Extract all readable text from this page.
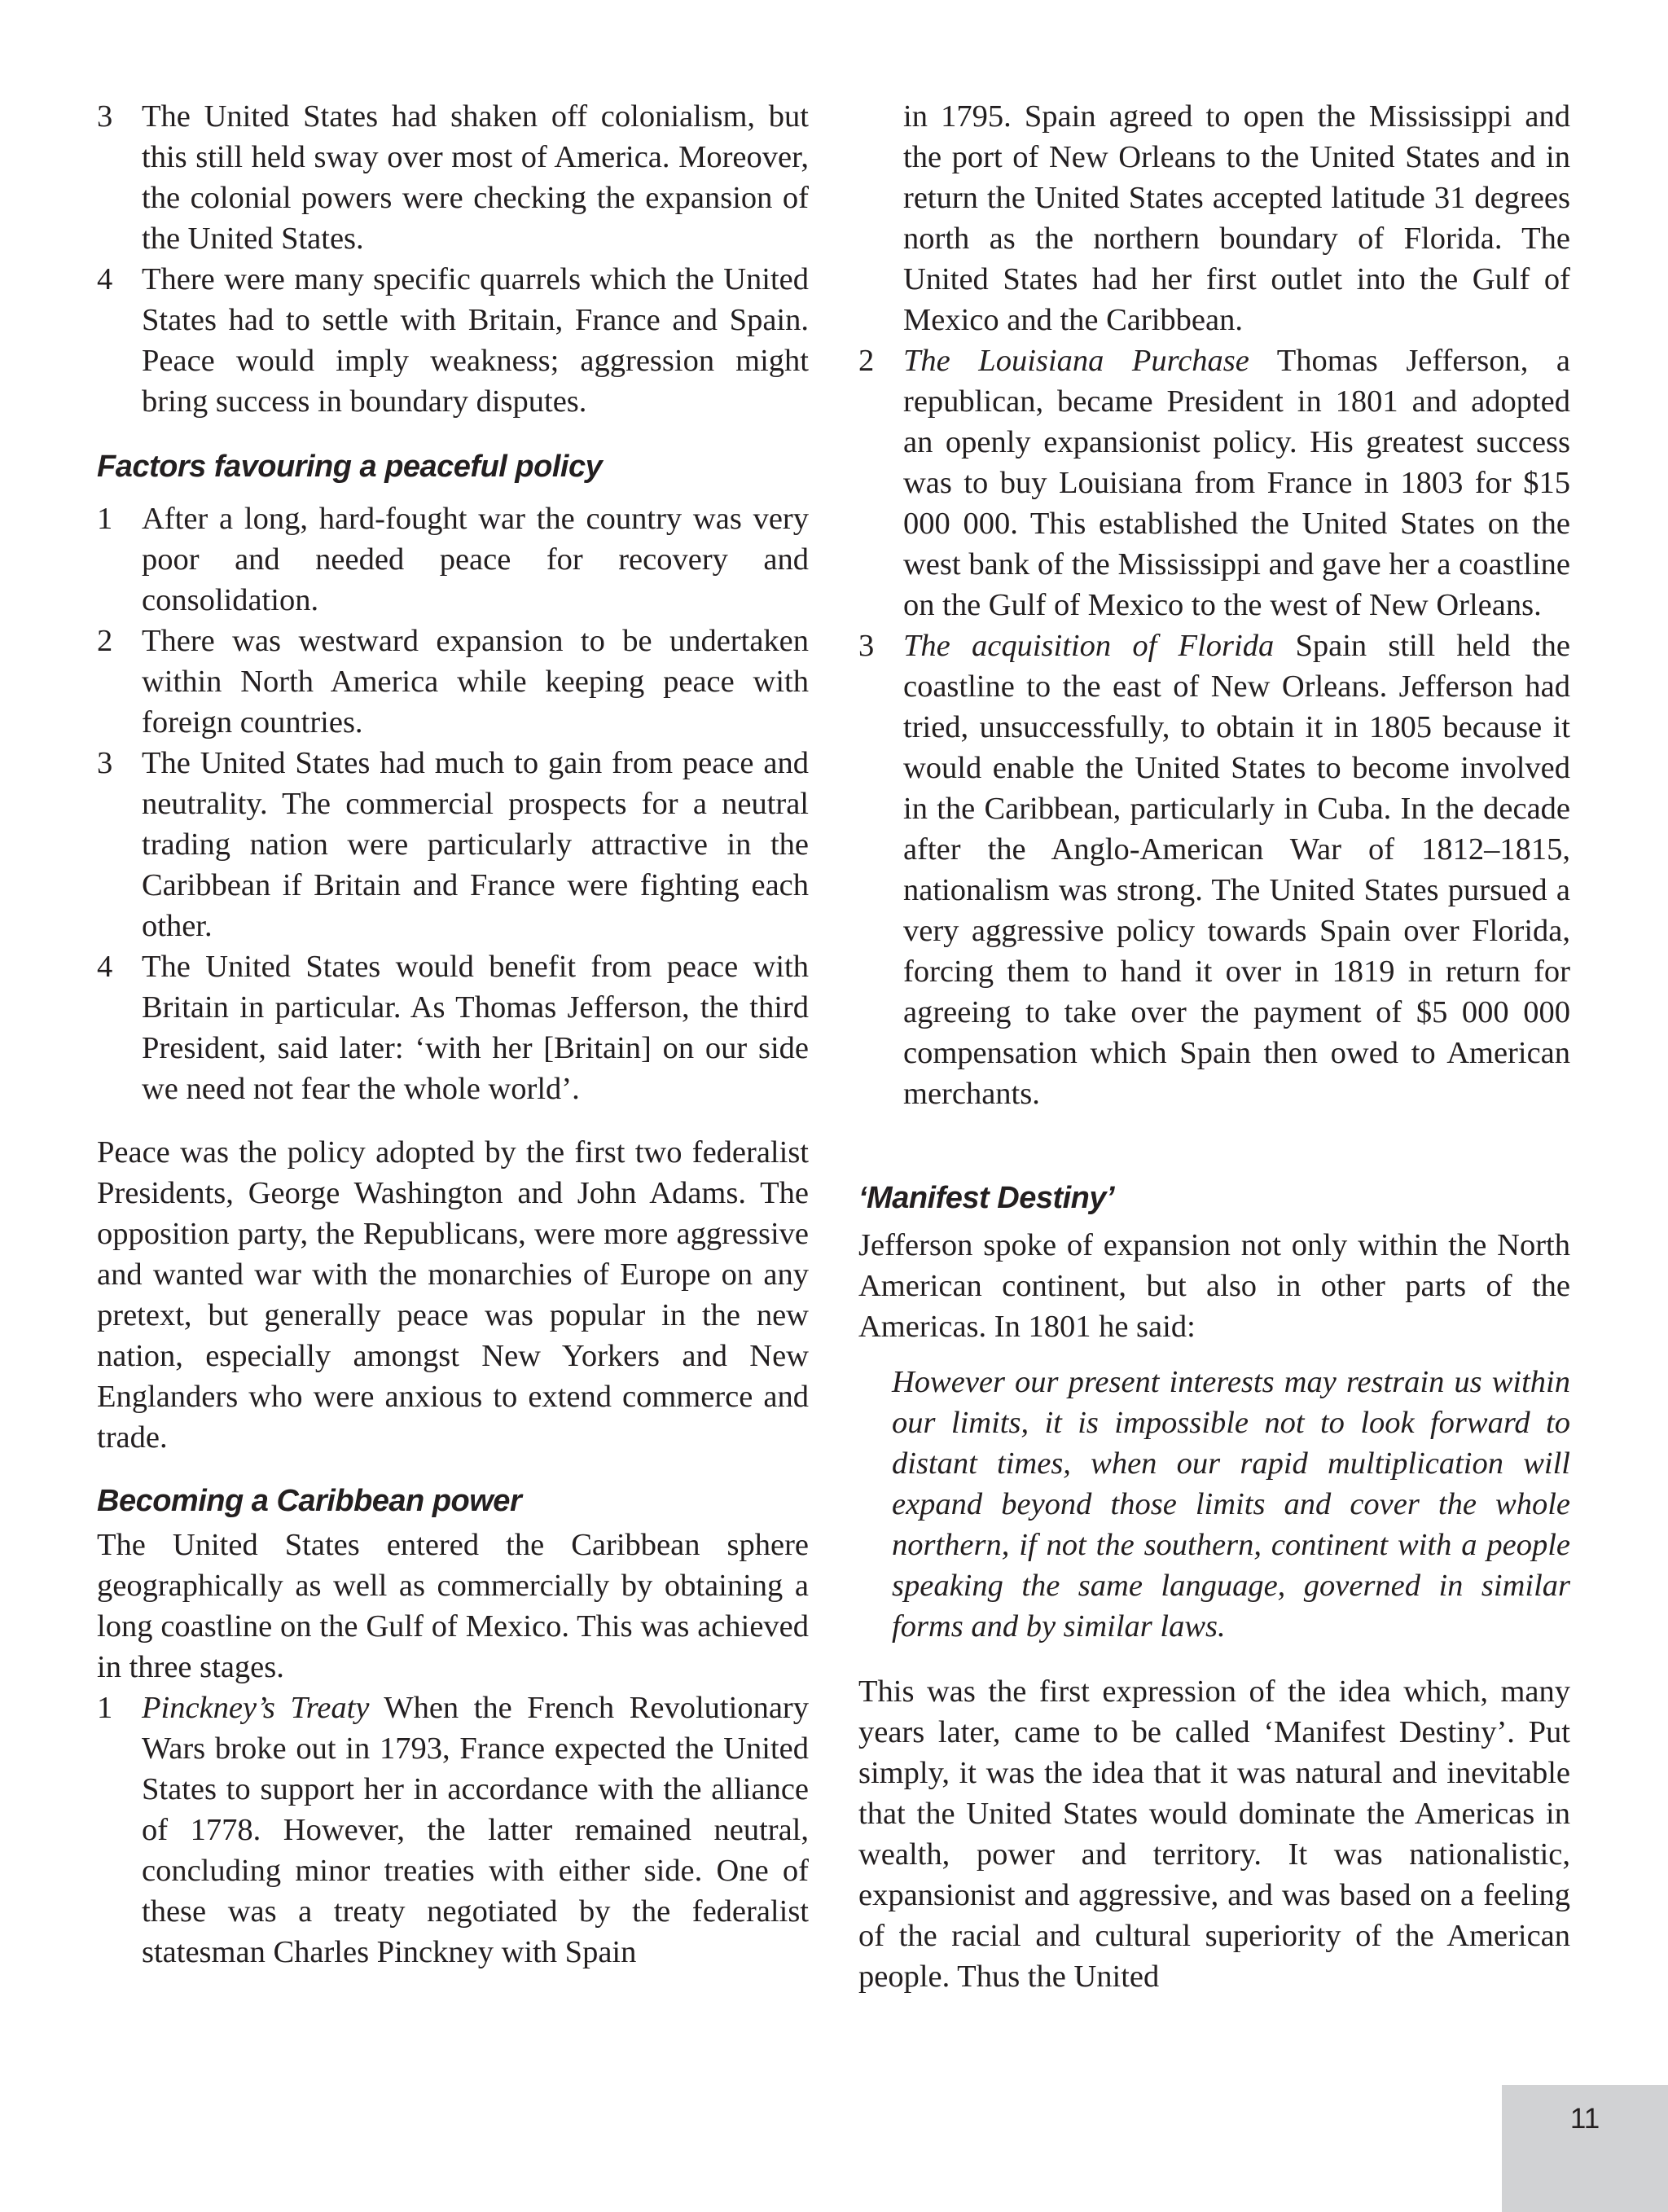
3 The United States had shaken off colonialism, but this still held sway over most of America. Moreover, the colonial powers were checking the expansion of the United States.
4 There were many specific quarrels which the United States had to settle with Britain, France and Spain. Peace would imply weakness; aggression might bring success in boundary disputes.
Factors favouring a peaceful policy
1 After a long, hard-fought war the country was very poor and needed peace for recovery and consolidation.
2 There was westward expansion to be undertaken within North America while keeping peace with foreign countries.
3 The United States had much to gain from peace and neutrality. The commercial prospects for a neutral trading nation were particularly attractive in the Caribbean if Britain and France were fighting each other.
4 The United States would benefit from peace with Britain in particular. As Thomas Jefferson, the third President, said later: ‘with her [Britain] on our side we need not fear the whole world’.

Peace was the policy adopted by the first two federalist Presidents, George Washington and John Adams. The opposition party, the Republicans, were more aggressive and wanted war with the monarchies of Europe on any pretext, but generally peace was popular in the new nation, especially amongst New Yorkers and New Englanders who were anxious to extend commerce and trade.

Becoming a Caribbean power

The United States entered the Caribbean sphere geographically as well as commercially by obtaining a long coastline on the Gulf of Mexico. This was achieved in three stages.

1 Pinckney’s Treaty When the French Revolutionary Wars broke out in 1793, France expected the United States to support her in accordance with the alliance of 1778. However, the latter remained neutral, concluding minor treaties with either side. One of these was a treaty negotiated by the federalist statesman Charles Pinckney with Spain

in 1795. Spain agreed to open the Mississippi and the port of New Orleans to the United States and in return the United States accepted latitude 31 degrees north as the northern boundary of Florida. The United States had her first outlet into the Gulf of Mexico and the Caribbean.

2 The Louisiana Purchase Thomas Jefferson, a republican, became President in 1801 and adopted an openly expansionist policy. His greatest success was to buy Louisiana from France in 1803 for $15 000 000. This established the United States on the west bank of the Mississippi and gave her a coastline on the Gulf of Mexico to the west of New Orleans.
3 The acquisition of Florida Spain still held the coastline to the east of New Orleans. Jefferson had tried, unsuccessfully, to obtain it in 1805 because it would enable the United States to become involved in the Caribbean, particularly in Cuba. In the decade after the Anglo-American War of 1812–1815, nationalism was strong. The United States pursued a very aggressive policy towards Spain over Florida, forcing them to hand it over in 1819 in return for agreeing to take over the payment of $5 000 000 compensation which Spain then owed to American merchants.
‘Manifest Destiny’

Jefferson spoke of expansion not only within the North American continent, but also in other parts of the Americas. In 1801 he said:

However our present interests may restrain us within our limits, it is impossible not to look forward to distant times, when our rapid multiplication will expand beyond those limits and cover the whole northern, if not the southern, continent with a people speaking the same language, governed in similar forms and by similar laws.

This was the first expression of the idea which, many years later, came to be called ‘Manifest Destiny’. Put simply, it was the idea that it was natural and inevitable that the United States would dominate the Americas in wealth, power and territory. It was nationalistic, expansionist and aggressive, and was based on a feeling of the racial and cultural superiority of the American people. Thus the United

11
